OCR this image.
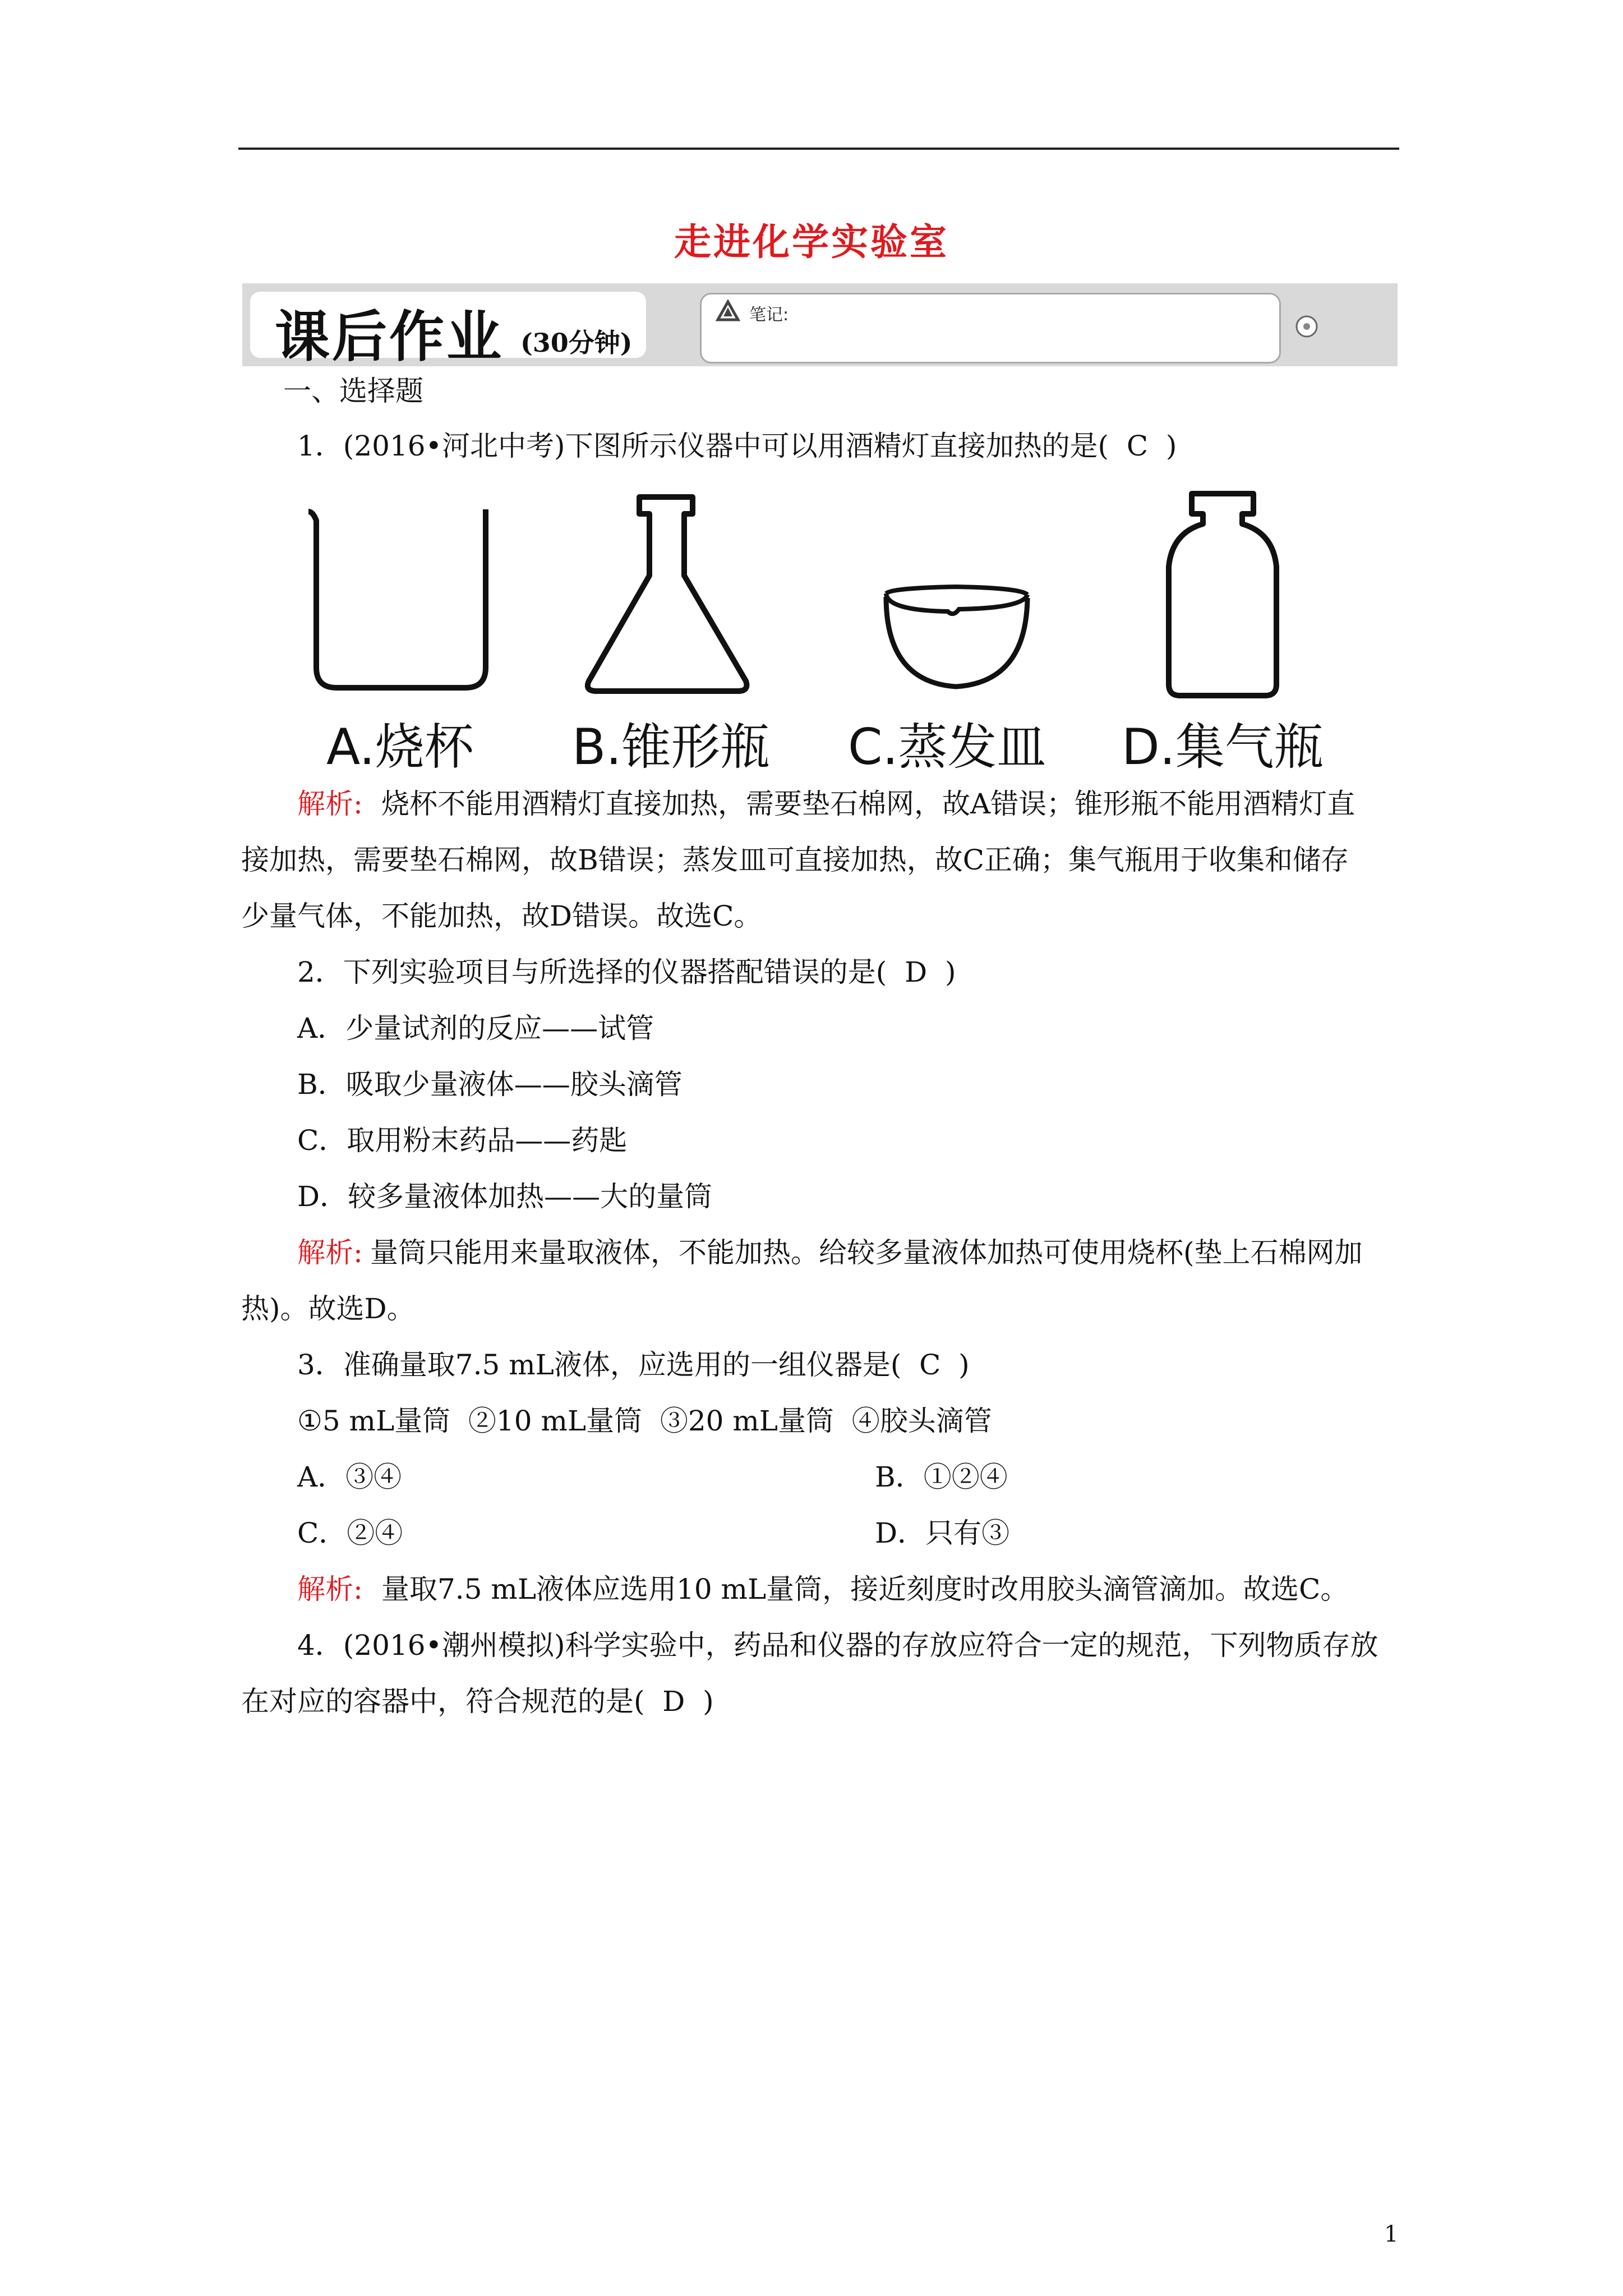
走进化学实验室
课后作业 (30分钟)
笔记:
一、选择题
1．(2016•河北中考)下图所示仪器中可以用酒精灯直接加热的是(  C  )
A.烧杯 B.锥形瓶 C.蒸发皿 D.集气瓶
解析: 烧杯不能用酒精灯直接加热，需要垫石棉网，故A错误；锥形瓶不能用酒精灯直
接加热，需要垫石棉网，故B错误；蒸发皿可直接加热，故C正确；集气瓶用于收集和储存
少量气体，不能加热，故D错误。故选C。
2．下列实验项目与所选择的仪器搭配错误的是(  D  )
A．少量试剂的反应——试管
B．吸取少量液体——胶头滴管
C．取用粉末药品——药匙
D．较多量液体加热——大的量筒
解析: 量筒只能用来量取液体，不能加热。给较多量液体加热可使用烧杯(垫上石棉网加
热)。故选D。
3．准确量取7.5 mL液体，应选用的一组仪器是(  C  )
①5 mL量筒  ②10 mL量筒  ③20 mL量筒  ④胶头滴管
A．③④	B．①②④
C．②④	D．只有③
解析: 量取7.5 mL液体应选用10 mL量筒，接近刻度时改用胶头滴管滴加。故选C。
4．(2016•潮州模拟)科学实验中，药品和仪器的存放应符合一定的规范，下列物质存放
在对应的容器中，符合规范的是(  D  )
1
